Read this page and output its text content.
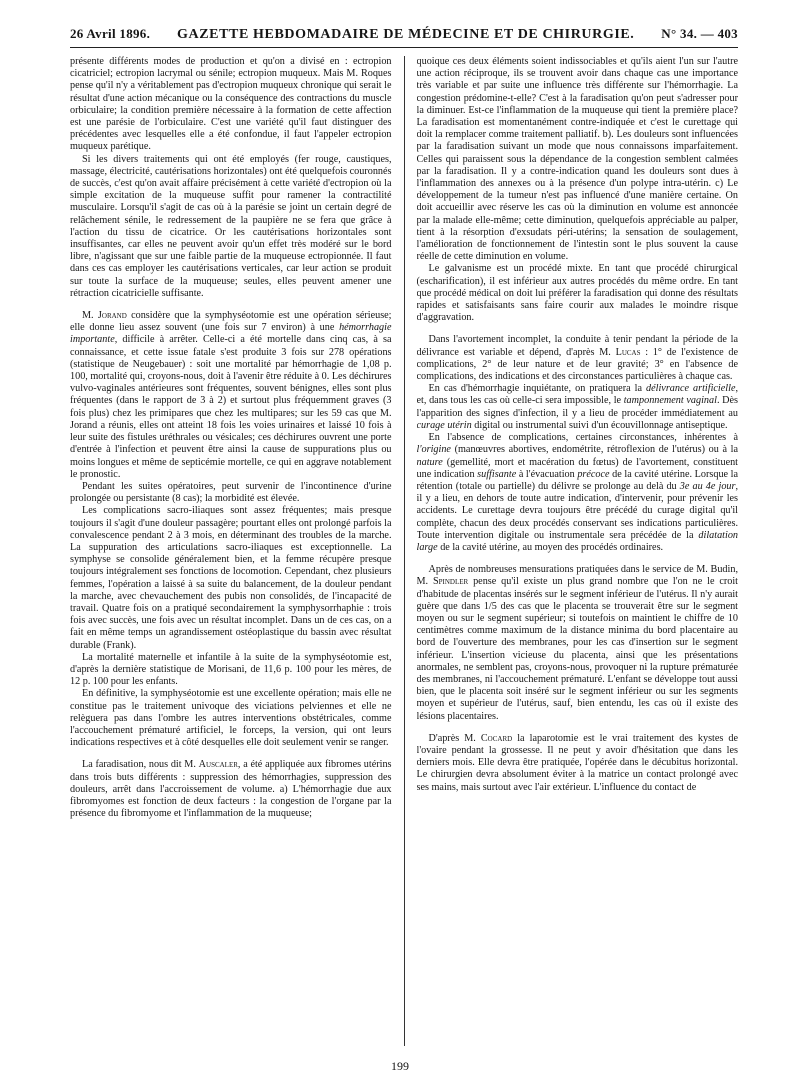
26 Avril 1896. GAZETTE HEBDOMADAIRE DE MÉDECINE ET DE CHIRURGIE. N° 34. — 403

présente différents modes de production et qu'on a divisé en : ectropion cicatriciel; ectropion lacrymal ou sénile; ectropion muqueux. Mais M. Roques pense qu'il n'y a véritablement pas d'ectropion muqueux chronique qui serait le résultat d'une action mécanique ou la conséquence des contractions du muscle orbiculaire; la condition première nécessaire à la formation de cette affection est une parésie de l'orbiculaire. C'est une variété qu'il faut distinguer des précédentes avec lesquelles elle a été confondue, il faut l'appeler ectropion muqueux parétique.

Si les divers traitements qui ont été employés (fer rouge, caustiques, massage, électricité, cautérisations horizontales) ont été quelquefois couronnés de succès, c'est qu'on avait affaire précisément à cette variété d'ectropion où la simple excitation de la muqueuse suffit pour ramener la contractilité musculaire. Lorsqu'il s'agit de cas où à la parésie se joint un certain degré de relâchement sénile, le redressement de la paupière ne se fera que grâce à l'action du tissu de cicatrice. Or les cautérisations horizontales sont insuffisantes, car elles ne peuvent avoir qu'un effet très modéré sur le bord libre, n'agissant que sur une faible partie de la muqueuse ectropionnée. Il faut dans ces cas employer les cautérisations verticales, car leur action se produit sur toute la surface de la muqueuse; seules, elles peuvent amener une rétraction cicatricielle suffisante.

M. Jorand considère que la symphyséotomie est une opération sérieuse; elle donne lieu assez souvent (une fois sur 7 environ) à une hémorrhagie importante, difficile à arrêter. Celle-ci a été mortelle dans cinq cas, à sa connaissance, et cette issue fatale s'est produite 3 fois sur 278 opérations (statistique de Neugebauer) : soit une mortalité par hémorrhagie de 1,08 p. 100, mortalité qui, croyons-nous, doit à l'avenir être réduite à 0. Les déchirures vulvo-vaginales antérieures sont fréquentes, souvent bénignes, elles sont plus fréquentes (dans le rapport de 3 à 2) et surtout plus fréquemment graves (3 fois plus) chez les primipares que chez les multipares; sur les 59 cas que M. Jorand a réunis, elles ont atteint 18 fois les voies urinaires et laissé 10 fois à leur suite des fistules uréthrales ou vésicales; ces déchirures ouvrent une porte d'entrée à l'infection et peuvent être ainsi la cause de suppurations plus ou moins longues et même de septicémie mortelle, ce qui en aggrave notablement le pronostic.

Pendant les suites opératoires, peut survenir de l'incontinence d'urine prolongée ou persistante (8 cas); la morbidité est élevée.

Les complications sacro-iliaques sont assez fréquentes; mais presque toujours il s'agit d'une douleur passagère; pourtant elles ont prolongé parfois la convalescence pendant 2 à 3 mois, en déterminant des troubles de la marche. La suppuration des articulations sacro-iliaques est exceptionnelle. La symphyse se consolide généralement bien, et la femme récupère presque toujours intégralement ses fonctions de locomotion. Cependant, chez plusieurs femmes, l'opération a laissé à sa suite du balancement, de la douleur pendant la marche, avec chevauchement des pubis non consolidés, de l'incapacité de travail. Quatre fois on a pratiqué secondairement la symphysorrhaphie : trois fois avec succès, une fois avec un résultat incomplet. Dans un de ces cas, on a fait en même temps un agrandissement ostéoplastique du bassin avec résultat durable (Frank).

La mortalité maternelle et infantile à la suite de la symphyséotomie est, d'après la dernière statistique de Morisani, de 11,6 p. 100 pour les mères, de 12 p. 100 pour les enfants.

En définitive, la symphyséotomie est une excellente opération; mais elle ne constitue pas le traitement univoque des viciations pelviennes et elle ne relèguera pas dans l'ombre les autres interventions obstétricales, comme l'accouchement prématuré artificiel, le forceps, la version, qui ont leurs indications respectives et à côté desquelles elle doit seulement venir se ranger.

La faradisation, nous dit M. Auscaler, a été appliquée aux fibromes utérins dans trois buts différents : suppression des hémorrhagies, suppression des douleurs, arrêt dans l'accroissement de volume. a) L'hémorrhagie due aux fibromyomes est fonction de deux facteurs : la congestion de l'organe par la présence du fibromyome et l'inflammation de la muqueuse;

quoique ces deux éléments soient indissociables et qu'ils aient l'un sur l'autre une action réciproque, ils se trouvent avoir dans chaque cas une importance très variable et par suite une influence très différente sur l'hémorrhagie. La congestion prédomine-t-elle? C'est à la faradisation qu'on peut s'adresser pour la diminuer. Est-ce l'inflammation de la muqueuse qui tient la première place? La faradisation est momentanément contre-indiquée et c'est le curettage qui doit la remplacer comme traitement palliatif. b). Les douleurs sont influencées par la faradisation suivant un mode que nous connaissons imparfaitement. Celles qui paraissent sous la dépendance de la congestion semblent calmées par la faradisation. Il y a contre-indication quand les douleurs sont dues à l'inflammation des annexes ou à la présence d'un polype intra-utérin. c) Le développement de la tumeur n'est pas influencé d'une manière certaine. On doit accueillir avec réserve les cas où la diminution en volume est annoncée par la malade elle-même; cette diminution, quelquefois appréciable au palper, tient à la résorption d'exsudats péri-utérins; la sensation de soulagement, l'amélioration de fonctionnement de l'intestin sont le plus souvent la cause réelle de cette diminution en volume.

Le galvanisme est un procédé mixte. En tant que procédé chirurgical (escharification), il est inférieur aux autres procédés du même ordre. En tant que procédé médical on doit lui préférer la faradisation qui donne des résultats rapides et satisfaisants sans faire courir aux malades le moindre risque d'aggravation.

Dans l'avortement incomplet, la conduite à tenir pendant la période de la délivrance est variable et dépend, d'après M. Lucas : 1° de l'existence de complications, 2° de leur nature et de leur gravité; 3° en l'absence de complications, des indications et des circonstances particulières à chaque cas.

En cas d'hémorrhagie inquiétante, on pratiquera la délivrance artificielle, et, dans tous les cas où celle-ci sera impossible, le tamponnement vaginal. Dès l'apparition des signes d'infection, il y a lieu de procéder immédiatement au curage utérin digital ou instrumental suivi d'un écouvillonnage antiseptique.

En l'absence de complications, certaines circonstances, inhérentes à l'origine (manœuvres abortives, endométrite, rétroflexion de l'utérus) ou à la nature (gemellité, mort et macération du fœtus) de l'avortement, constituent une indication suffisante à l'évacuation précoce de la cavité utérine. Lorsque la rétention (totale ou partielle) du délivre se prolonge au delà du 3e au 4e jour, il y a lieu, en dehors de toute autre indication, d'intervenir, pour prévenir les accidents. Le curettage devra toujours être précédé du curage digital qu'il complète, chacun des deux procédés conservant ses indications particulières. Toute intervention digitale ou instrumentale sera précédée de la dilatation large de la cavité utérine, au moyen des procédés ordinaires.

Après de nombreuses mensurations pratiquées dans le service de M. Budin, M. Spindler pense qu'il existe un plus grand nombre que l'on ne le croit d'habitude de placentas insérés sur le segment inférieur de l'utérus. Il n'y aurait guère que dans 1/5 des cas que le placenta se trouverait être sur le segment moyen ou sur le segment supérieur; si toutefois on maintient le chiffre de 10 centimètres comme maximum de la distance minima du bord placentaire au bord de l'ouverture des membranes, pour les cas d'insertion sur le segment inférieur. L'insertion vicieuse du placenta, ainsi que les présentations anormales, ne semblent pas, croyons-nous, provoquer ni la rupture prématurée des membranes, ni l'accouchement prématuré. L'enfant se développe tout aussi bien, que le placenta soit inséré sur le segment inférieur ou sur les segments moyen et supérieur de l'utérus, sauf, bien entendu, les cas où il existe des lésions placentaires.

D'après M. Cocard la laparotomie est le vrai traitement des kystes de l'ovaire pendant la grossesse. Il ne peut y avoir d'hésitation que dans les derniers mois. Elle devra être pratiquée, l'opérée dans le décubitus horizontal. Le chirurgien devra absolument éviter à la matrice un contact prolongé avec ses mains, mais surtout avec l'air extérieur. L'influence du contact de

199
